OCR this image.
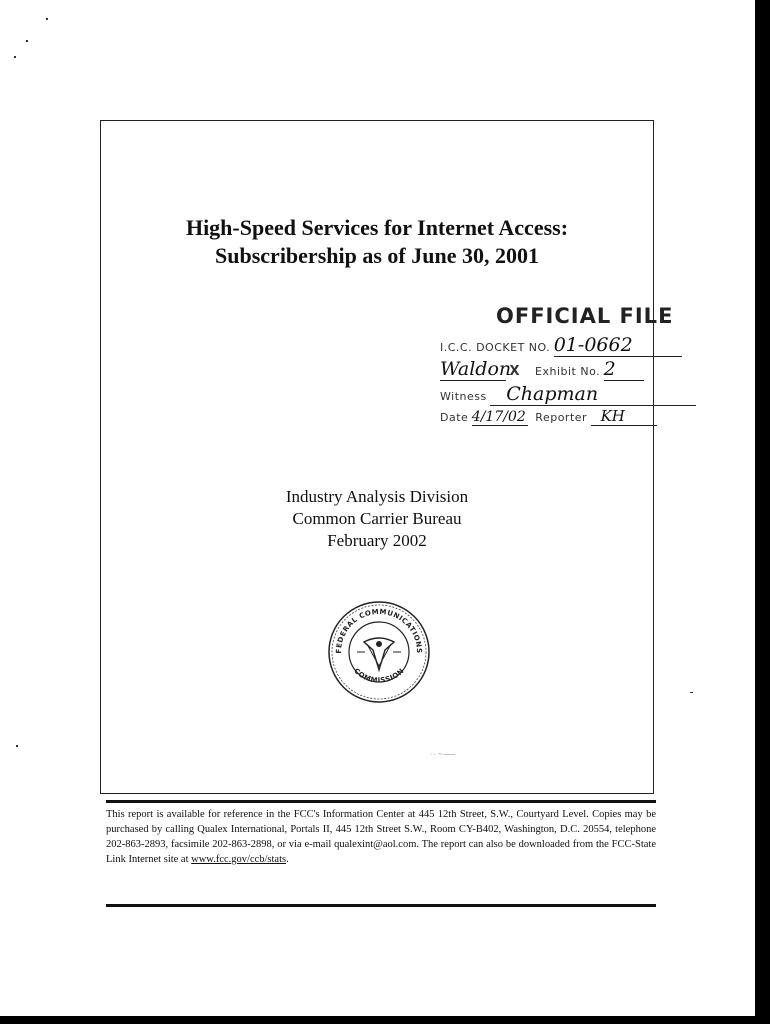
High-Speed Services for Internet Access:
Subscribership as of June 30, 2001
OFFICIAL FILE
I.C.C. DOCKET NO. 01-0662
Waldon X Exhibit No. 2
Witness Chapman
Date 4/17/02 Reporter KH
Industry Analysis Division
Common Carrier Bureau
February 2002
FEDERAL COMMUNICATIONS
COMMISSION
· ·  ~ ——
This report is available for reference in the FCC's Information Center at 445 12th Street, S.W., Courtyard Level. Copies may be purchased by calling Qualex International, Portals II, 445 12th Street S.W., Room CY-B402, Washington, D.C. 20554, telephone 202-863-2893, facsimile 202-863-2898, or via e-mail qualexint@aol.com. The report can also be downloaded from the FCC-State Link Internet site at www.fcc.gov/ccb/stats.
